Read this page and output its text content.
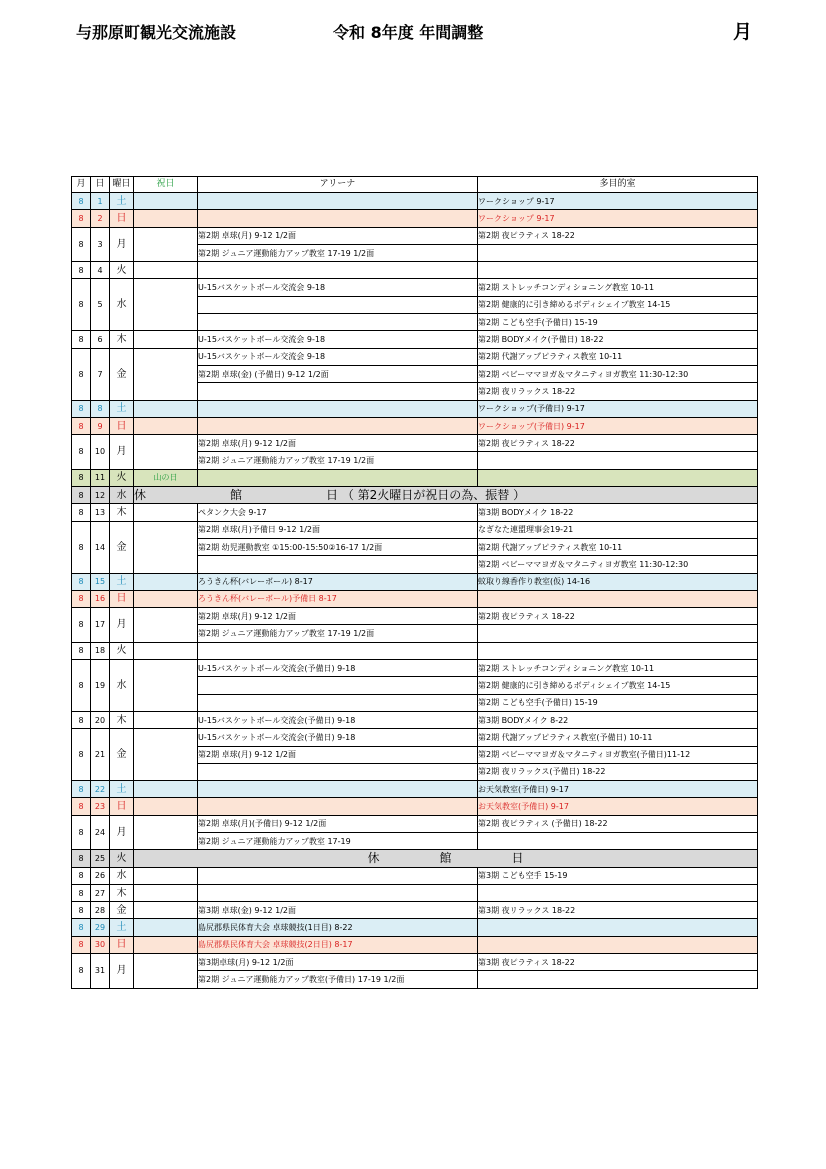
与那原町観光交流施設	令和 8年度 年間調整	月
月	日	曜日	祝日	アリーナ	多目的室
8	1	土			ワークショップ 9-17
8	2	日			ワークショップ 9-17
8	3	月		第2期 卓球(月) 9-12 1/2面	第2期 夜ピラティス 18-22
				第2期 ジュニア運動能力アップ教室 17-19 1/2面	
8	4	火			
8	5	水		U-15バスケットボール交流会 9-18	第2期 ストレッチコンディショニング教室 10-11
					第2期 健康的に引き締めるボディシェイプ教室 14-15
					第2期 こども空手(予備日) 15-19
8	6	木		U-15バスケットボール交流会 9-18	第2期 BODYメイク(予備日) 18-22
8	7	金		U-15バスケットボール交流会 9-18	第2期 代謝アップピラティス教室 10-11
				第2期 卓球(金) (予備日) 9-12 1/2面	第2期 ベビーママヨガ＆マタニティヨガ教室 11:30-12:30
					第2期 夜リラックス 18-22
8	8	土			ワークショップ(予備日) 9-17
8	9	日			ワークショップ(予備日) 9-17
8	10	月		第2期 卓球(月) 9-12 1/2面	第2期 夜ピラティス 18-22
				第2期 ジュニア運動能力アップ教室 17-19 1/2面	
8	11	火	山の日		
8	12	水	休　　　　　　　館　　　　　　　日 （ 第2火曜日が祝日の為、振替 ）		
8	13	木		ペタンク大会 9-17	第3期 BODYメイク 18-22
8	14	金		第2期 卓球(月)予備日 9-12 1/2面	なぎなた連盟理事会19-21
				第2期 幼児運動教室 ①15:00-15:50②16-17 1/2面	第2期 代謝アップピラティス教室 10-11
					第2期 ベビーママヨガ＆マタニティヨガ教室 11:30-12:30
8	15	土		ろうきん杯(バレーボール) 8-17	蚊取り線香作り教室(仮) 14-16
8	16	日		ろうきん杯(バレーボール)予備日 8-17	
8	17	月		第2期 卓球(月) 9-12 1/2面	第2期 夜ピラティス 18-22
				第2期 ジュニア運動能力アップ教室 17-19 1/2面	
8	18	火			
8	19	水		U-15バスケットボール交流会(予備日) 9-18	第2期 ストレッチコンディショニング教室 10-11
					第2期 健康的に引き締めるボディシェイプ教室 14-15
					第2期 こども空手(予備日) 15-19
8	20	木		U-15バスケットボール交流会(予備日) 9-18	第3期 BODYメイク 8-22
8	21	金		U-15バスケットボール交流会(予備日) 9-18	第2期 代謝アップピラティス教室(予備日) 10-11
				第2期 卓球(月) 9-12 1/2面	第2期 ベビーママヨガ＆マタニティヨガ教室(予備日)11-12
					第2期 夜リラックス(予備日) 18-22
8	22	土			お天気教室(予備日) 9-17
8	23	日			お天気教室(予備日) 9-17
8	24	月		第2期 卓球(月)(予備日) 9-12 1/2面	第2期 夜ピラティス (予備日) 18-22
				第2期 ジュニア運動能力アップ教室 17-19	
8	25	火	休　　　　　館　　　　　日		
8	26	水			第3期 こども空手 15-19
8	27	木			
8	28	金		第3期 卓球(金) 9-12 1/2面	第3期 夜リラックス 18-22
8	29	土		島尻郡県民体育大会 卓球競技(1日目) 8-22	
8	30	日		島尻郡県民体育大会 卓球競技(2日目) 8-17	
8	31	月		第3期卓球(月) 9-12 1/2面	第3期 夜ピラティス 18-22
				第2期 ジュニア運動能力アップ教室(予備日) 17-19 1/2面	
